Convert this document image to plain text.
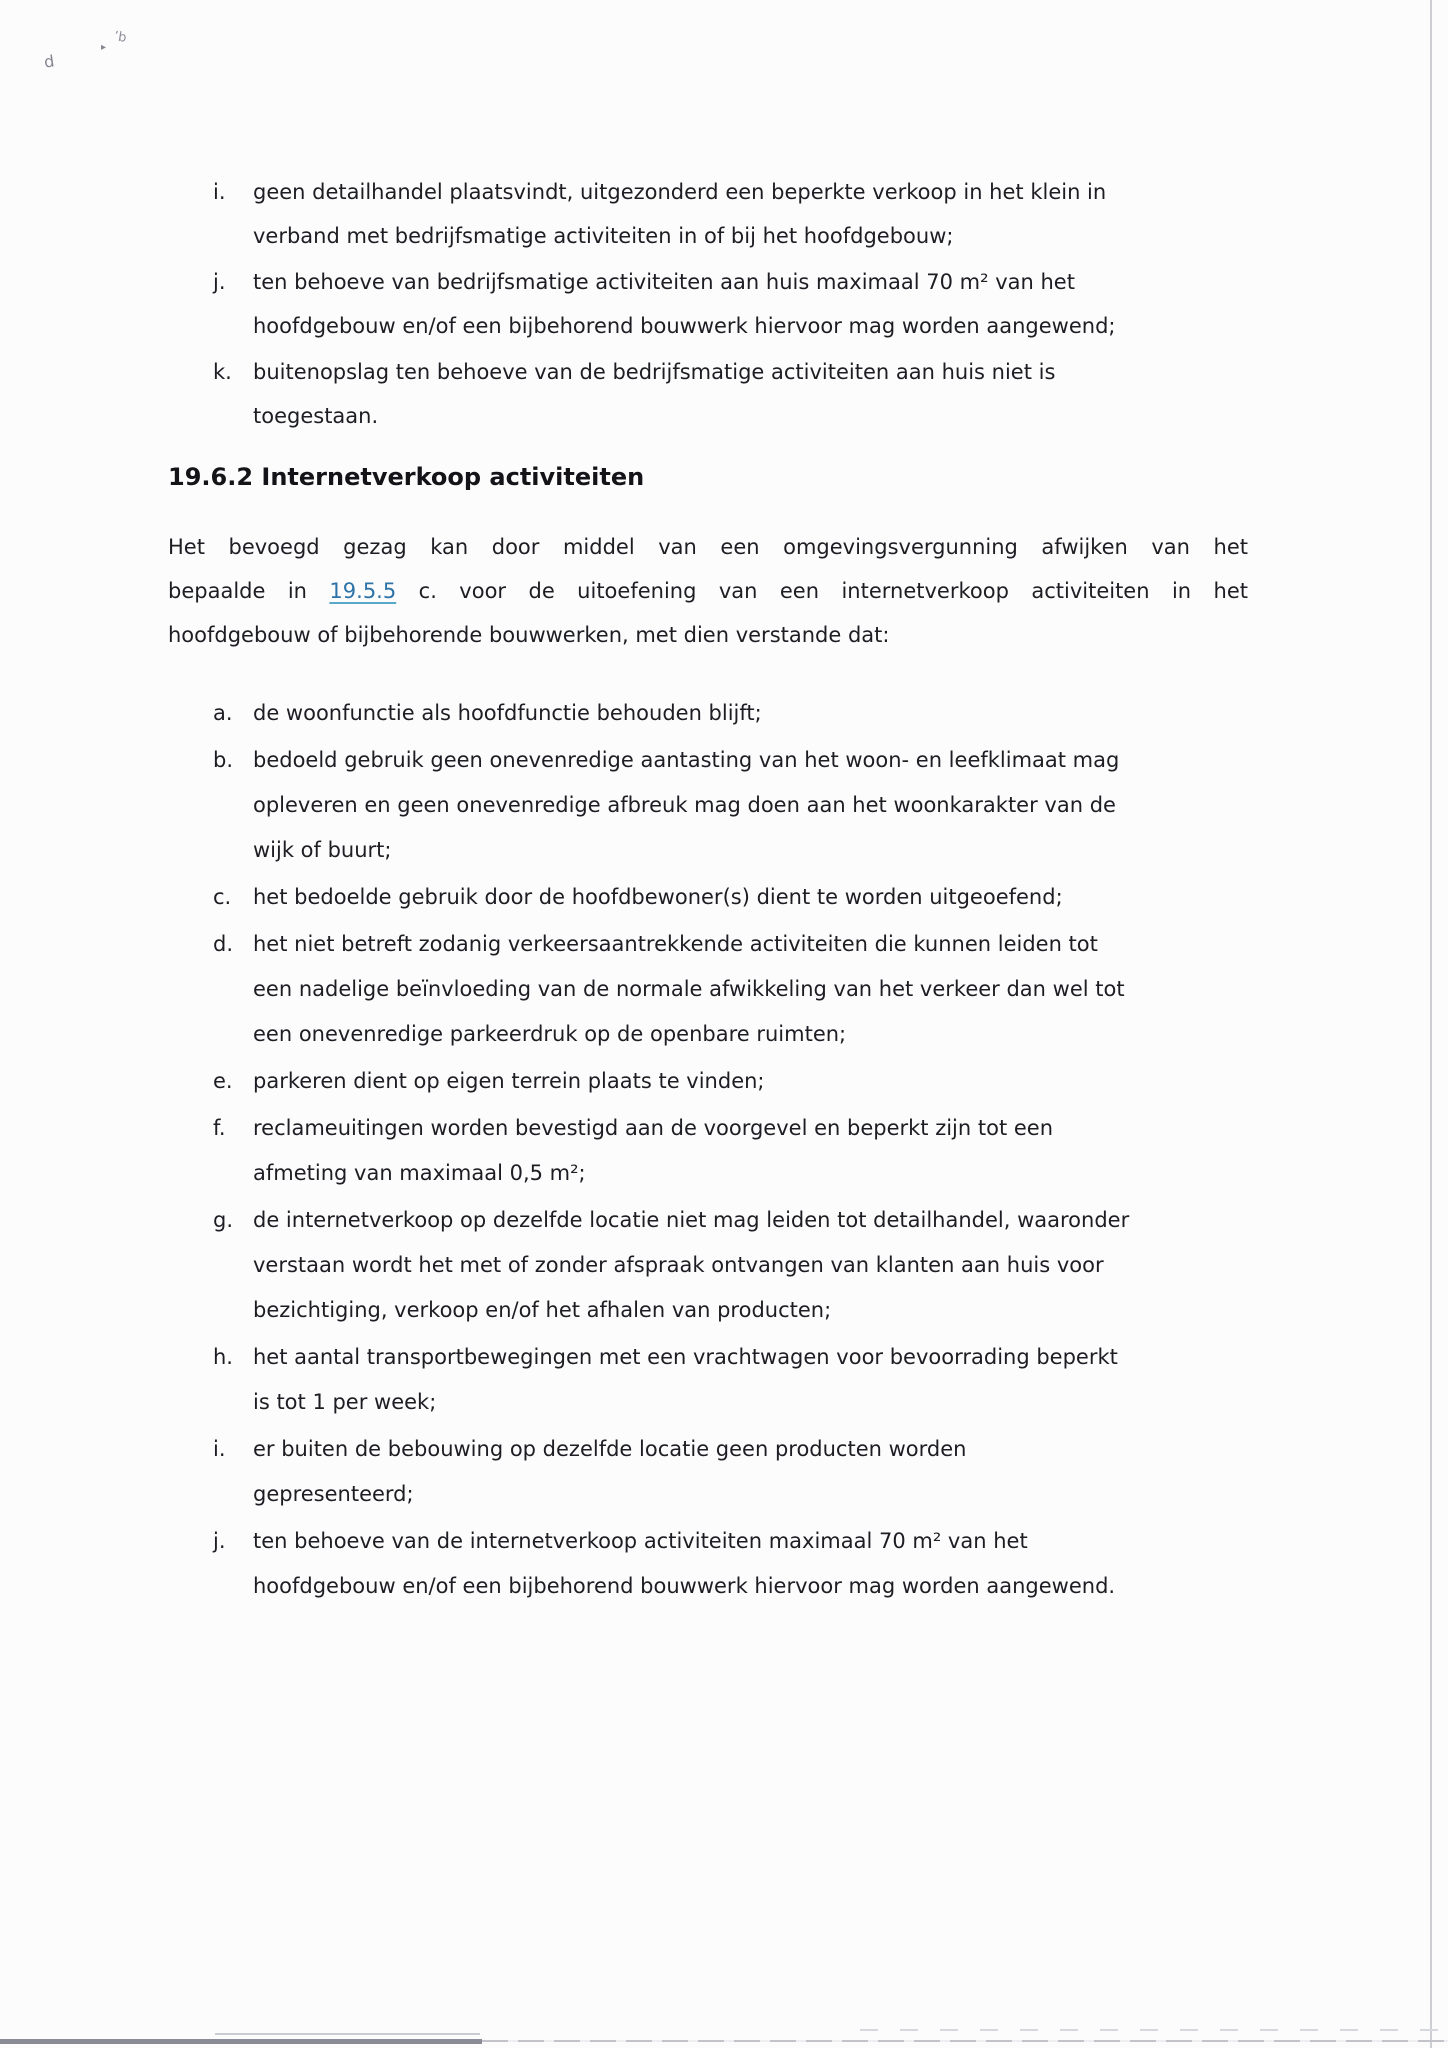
d
▸
ʼb
i.	geen detailhandel plaatsvindt, uitgezonderd een beperkte verkoop in het klein in
verband met bedrijfsmatige activiteiten in of bij het hoofdgebouw;
j.	ten behoeve van bedrijfsmatige activiteiten aan huis maximaal 70 m² van het
hoofdgebouw en/of een bijbehorend bouwwerk hiervoor mag worden aangewend;
k.	buitenopslag ten behoeve van de bedrijfsmatige activiteiten aan huis niet is
toegestaan.
19.6.2 Internetverkoop activiteiten

Het bevoegd gezag kan door middel van een omgevingsvergunning afwijken van het
bepaalde in 19.5.5 c. voor de uitoefening van een internetverkoop activiteiten in het
hoofdgebouw of bijbehorende bouwwerken, met dien verstande dat:

a. de woonfunctie als hoofdfunctie behouden blijft;
b. bedoeld gebruik geen onevenredige aantasting van het woon- en leefklimaat mag
opleveren en geen onevenredige afbreuk mag doen aan het woonkarakter van de
wijk of buurt;
c.	het bedoelde gebruik door de hoofdbewoner(s) dient te worden uitgeoefend;
d. het niet betreft zodanig verkeersaantrekkende activiteiten die kunnen leiden tot
een nadelige beïnvloeding van de normale afwikkeling van het verkeer dan wel tot
een onevenredige parkeerdruk op de openbare ruimten;
e. parkeren dient op eigen terrein plaats te vinden;
f.	reclameuitingen worden bevestigd aan de voorgevel en beperkt zijn tot een
afmeting van maximaal 0,5 m²;
g. de internetverkoop op dezelfde locatie niet mag leiden tot detailhandel, waaronder
verstaan wordt het met of zonder afspraak ontvangen van klanten aan huis voor
bezichtiging, verkoop en/of het afhalen van producten;
h. het aantal transportbewegingen met een vrachtwagen voor bevoorrading beperkt
is tot 1 per week;
i.	er buiten de bebouwing op dezelfde locatie geen producten worden
gepresenteerd;
j.	ten behoeve van de internetverkoop activiteiten maximaal 70 m² van het
hoofdgebouw en/of een bijbehorend bouwwerk hiervoor mag worden aangewend.
